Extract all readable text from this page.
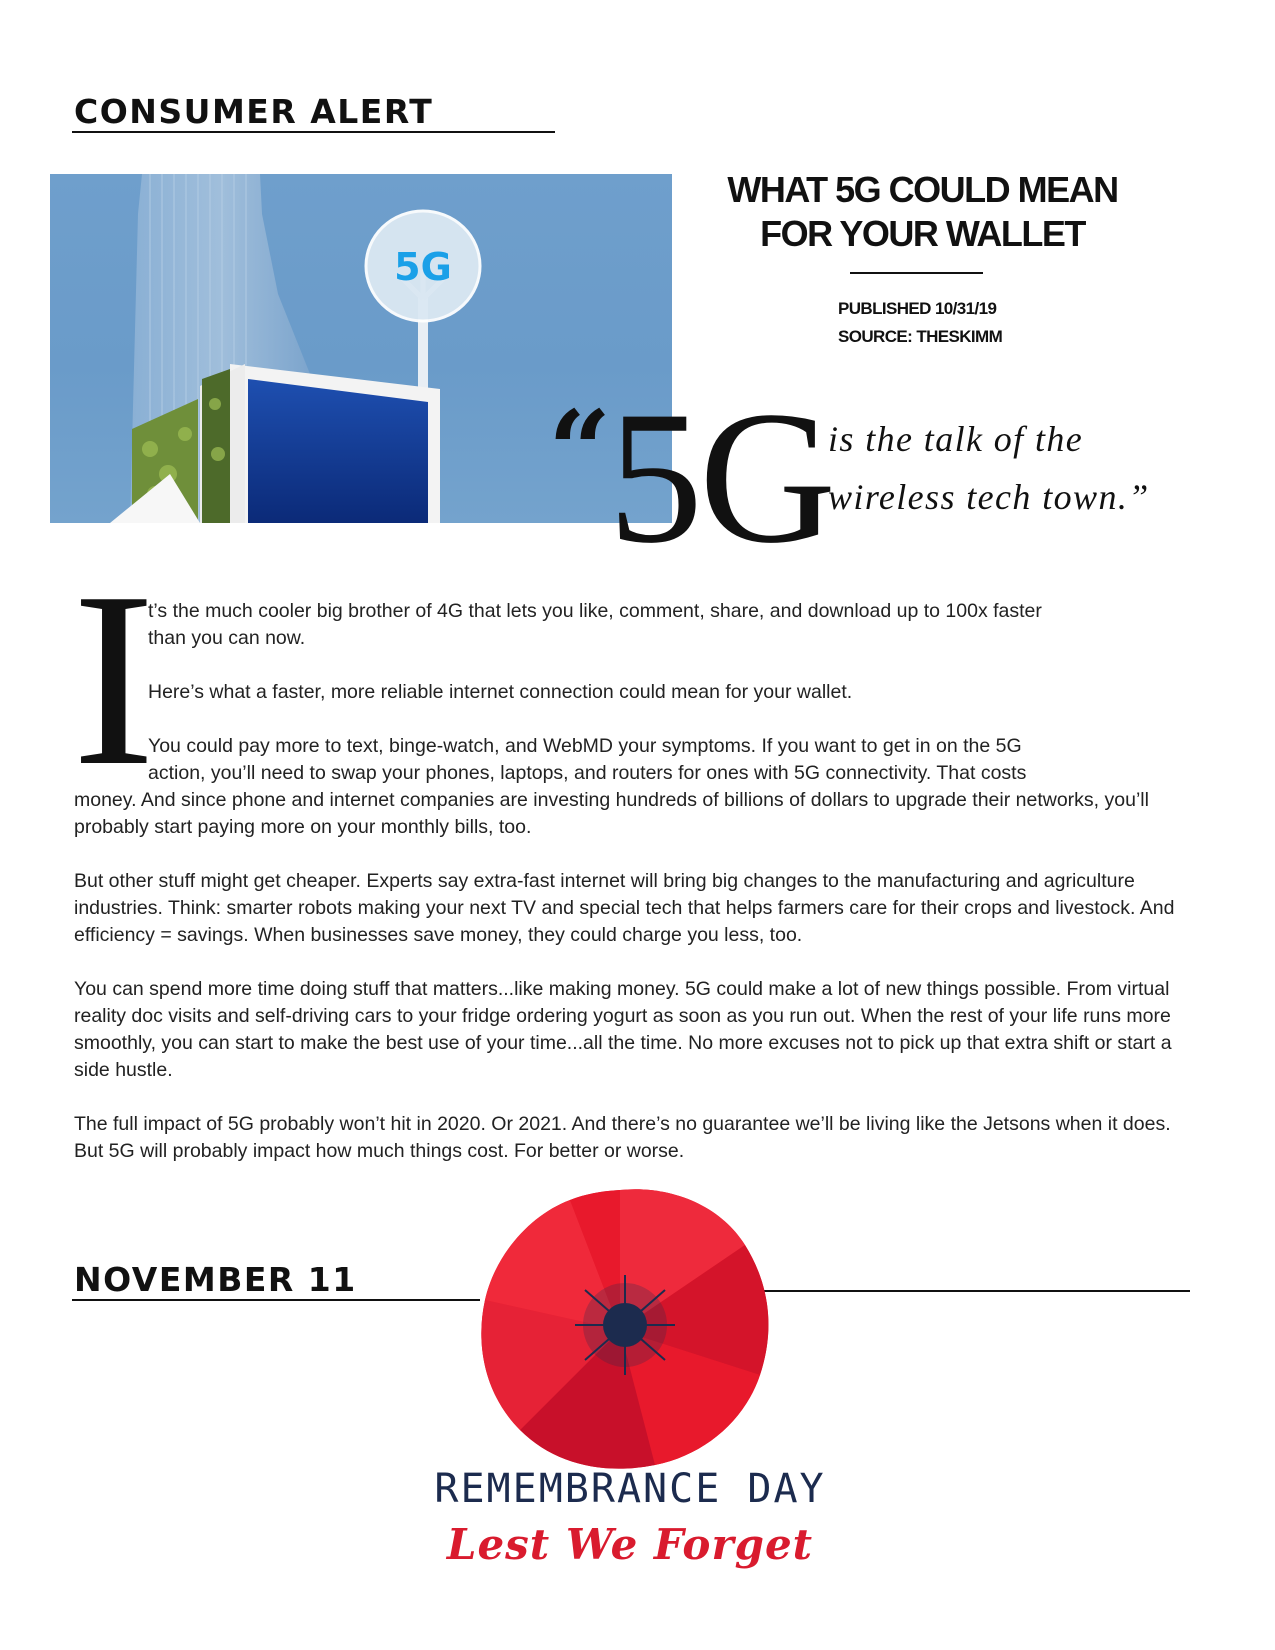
CONSUMER ALERT
5G
WHAT 5G COULD MEAN
FOR YOUR WALLET
PUBLISHED 10/31/19
SOURCE: THESKIMM
“
5G
is the talk of the
wireless tech town.”
I

t’s the much cooler big brother of 4G that lets you like, comment, share, and download up to 100x faster
than you can now.

Here’s what a faster, more reliable internet connection could mean for your wallet.

You could pay more to text, binge-watch, and WebMD your symptoms. If you want to get in on the 5G
action, you’ll need to swap your phones, laptops, and routers for ones with 5G connectivity. That costs
money. And since phone and internet companies are investing hundreds of billions of dollars to upgrade their networks, you’ll probably start paying more on your monthly bills, too.

But other stuff might get cheaper. Experts say extra-fast internet will bring big changes to the manufacturing and agriculture industries. Think: smarter robots making your next TV and special tech that helps farmers care for their crops and livestock. And efficiency = savings. When businesses save money, they could charge you less, too.

You can spend more time doing stuff that matters...like making money. 5G could make a lot of new things possible. From virtual reality doc visits and self-driving cars to your fridge ordering yogurt as soon as you run out. When the rest of your life runs more smoothly, you can start to make the best use of your time...all the time. No more excuses not to pick up that extra shift or start a side hustle.

The full impact of 5G probably won’t hit in 2020. Or 2021. And there’s no guarantee we’ll be living like the Jetsons when it does. But 5G will probably impact how much things cost. For better or worse.

NOVEMBER 11
REMEMBRANCE DAY
Lest We Forget
